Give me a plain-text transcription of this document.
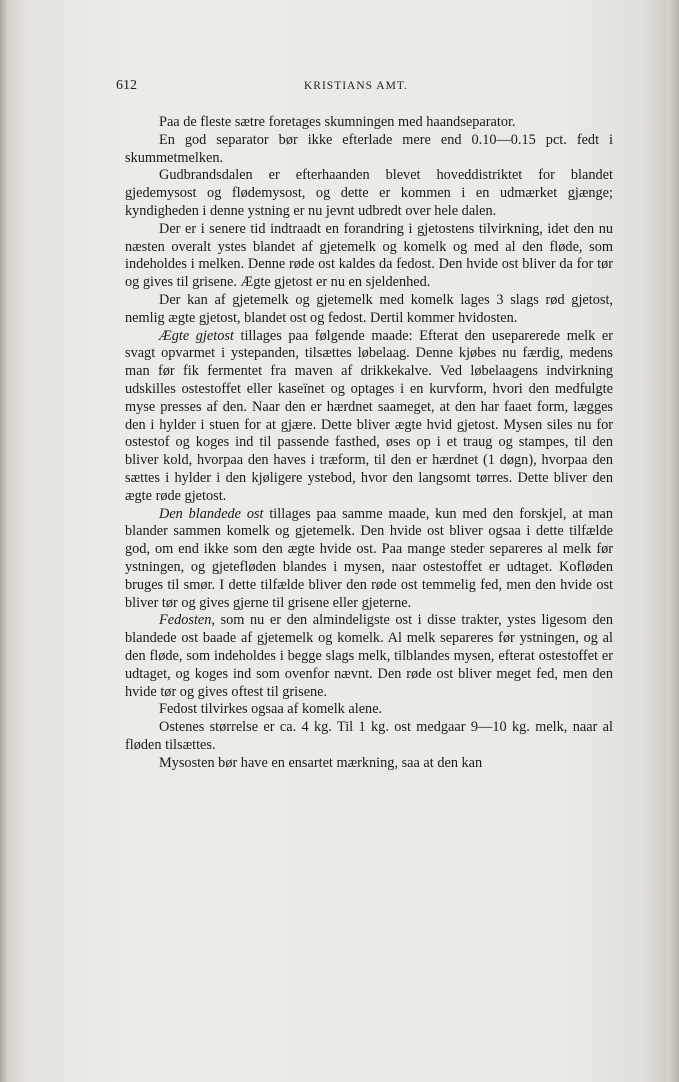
612	KRISTIANS AMT.

Paa de fleste sætre foretages skumningen med haandseparator.

En god separator bør ikke efterlade mere end 0.10—0.15 pct. fedt i skummetmelken.

Gudbrandsdalen er efterhaanden blevet hoveddistriktet for blandet gjedemysost og flødemysost, og dette er kommen i en udmærket gjænge; kyndigheden i denne ystning er nu jevnt udbredt over hele dalen.

Der er i senere tid indtraadt en forandring i gjetostens tilvirkning, idet den nu næsten overalt ystes blandet af gjetemelk og komelk og med al den fløde, som indeholdes i melken. Denne røde ost kaldes da fedost. Den hvide ost bliver da for tør og gives til grisene. Ægte gjetost er nu en sjeldenhed.

Der kan af gjetemelk og gjetemelk med komelk lages 3 slags rød gjetost, nemlig ægte gjetost, blandet ost og fedost. Dertil kommer hvidosten.

Ægte gjetost tillages paa følgende maade: Efterat den useparerede melk er svagt opvarmet i ystepanden, tilsættes løbelaag. Denne kjøbes nu færdig, medens man før fik fermentet fra maven af drikkekalve. Ved løbelaagens indvirkning udskilles ostestoffet eller kaseïnet og optages i en kurvform, hvori den medfulgte myse presses af den. Naar den er hærdnet saameget, at den har faaet form, lægges den i hylder i stuen for at gjære. Dette bliver ægte hvid gjetost. Mysen siles nu for ostestof og koges ind til passende fasthed, øses op i et traug og stampes, til den bliver kold, hvorpaa den haves i træform, til den er hærdnet (1 døgn), hvorpaa den sættes i hylder i den kjøligere ystebod, hvor den langsomt tørres. Dette bliver den ægte røde gjetost.

Den blandede ost tillages paa samme maade, kun med den forskjel, at man blander sammen komelk og gjetemelk. Den hvide ost bliver ogsaa i dette tilfælde god, om end ikke som den ægte hvide ost. Paa mange steder separeres al melk før ystningen, og gjetefløden blandes i mysen, naar ostestoffet er udtaget. Kofløden bruges til smør. I dette tilfælde bliver den røde ost temmelig fed, men den hvide ost bliver tør og gives gjerne til grisene eller gjeterne.

Fedosten, som nu er den almindeligste ost i disse trakter, ystes ligesom den blandede ost baade af gjetemelk og komelk. Al melk separeres før ystningen, og al den fløde, som indeholdes i begge slags melk, tilblandes mysen, efterat ostestoffet er udtaget, og koges ind som ovenfor nævnt. Den røde ost bliver meget fed, men den hvide tør og gives oftest til grisene.

Fedost tilvirkes ogsaa af komelk alene.

Ostenes størrelse er ca. 4 kg. Til 1 kg. ost medgaar 9—10 kg. melk, naar al fløden tilsættes.

Mysosten bør have en ensartet mærkning, saa at den kan
